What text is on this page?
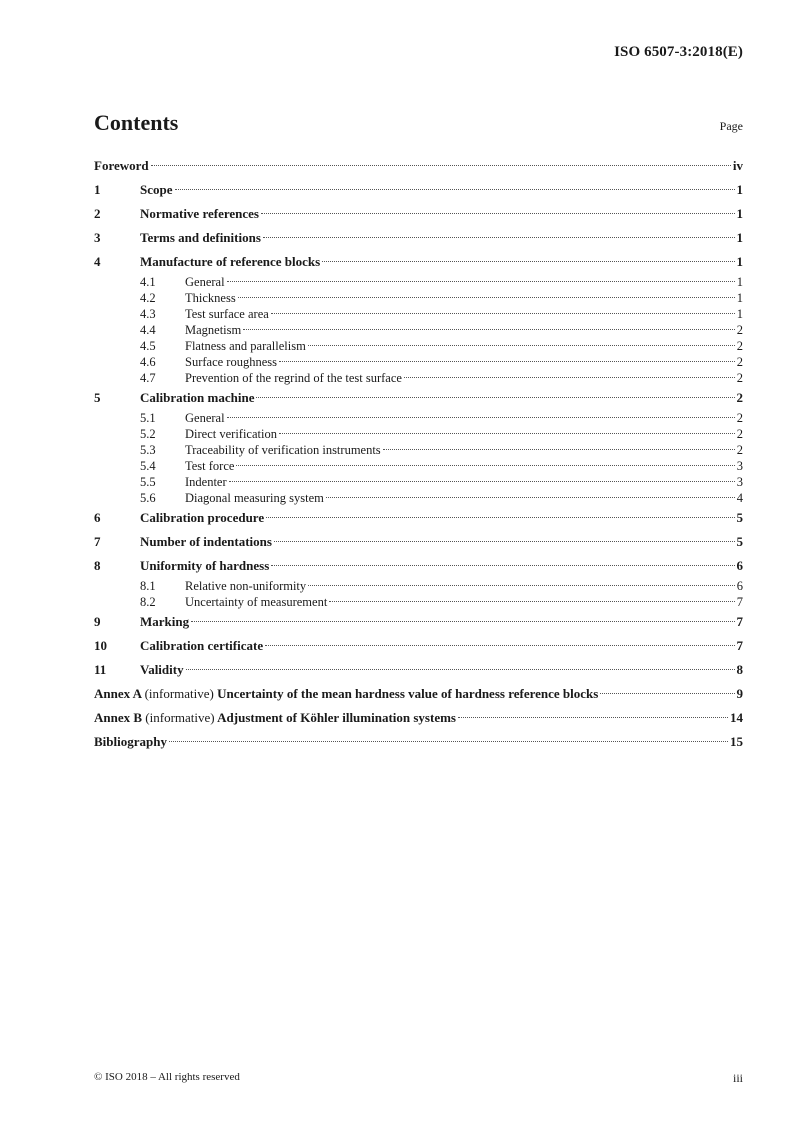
ISO 6507-3:2018(E)
Contents	Page
Foreword	iv
1	Scope	1
2	Normative references	1
3	Terms and definitions	1
4	Manufacture of reference blocks	1
4.1	General	1
4.2	Thickness	1
4.3	Test surface area	1
4.4	Magnetism	2
4.5	Flatness and parallelism	2
4.6	Surface roughness	2
4.7	Prevention of the regrind of the test surface	2
5	Calibration machine	2
5.1	General	2
5.2	Direct verification	2
5.3	Traceability of verification instruments	2
5.4	Test force	3
5.5	Indenter	3
5.6	Diagonal measuring system	4
6	Calibration procedure	5
7	Number of indentations	5
8	Uniformity of hardness	6
8.1	Relative non-uniformity	6
8.2	Uncertainty of measurement	7
9	Marking	7
10	Calibration certificate	7
11	Validity	8
Annex A (informative) Uncertainty of the mean hardness value of hardness reference blocks	9
Annex B (informative) Adjustment of Köhler illumination systems	14
Bibliography	15
© ISO 2018 – All rights reserved	iii
